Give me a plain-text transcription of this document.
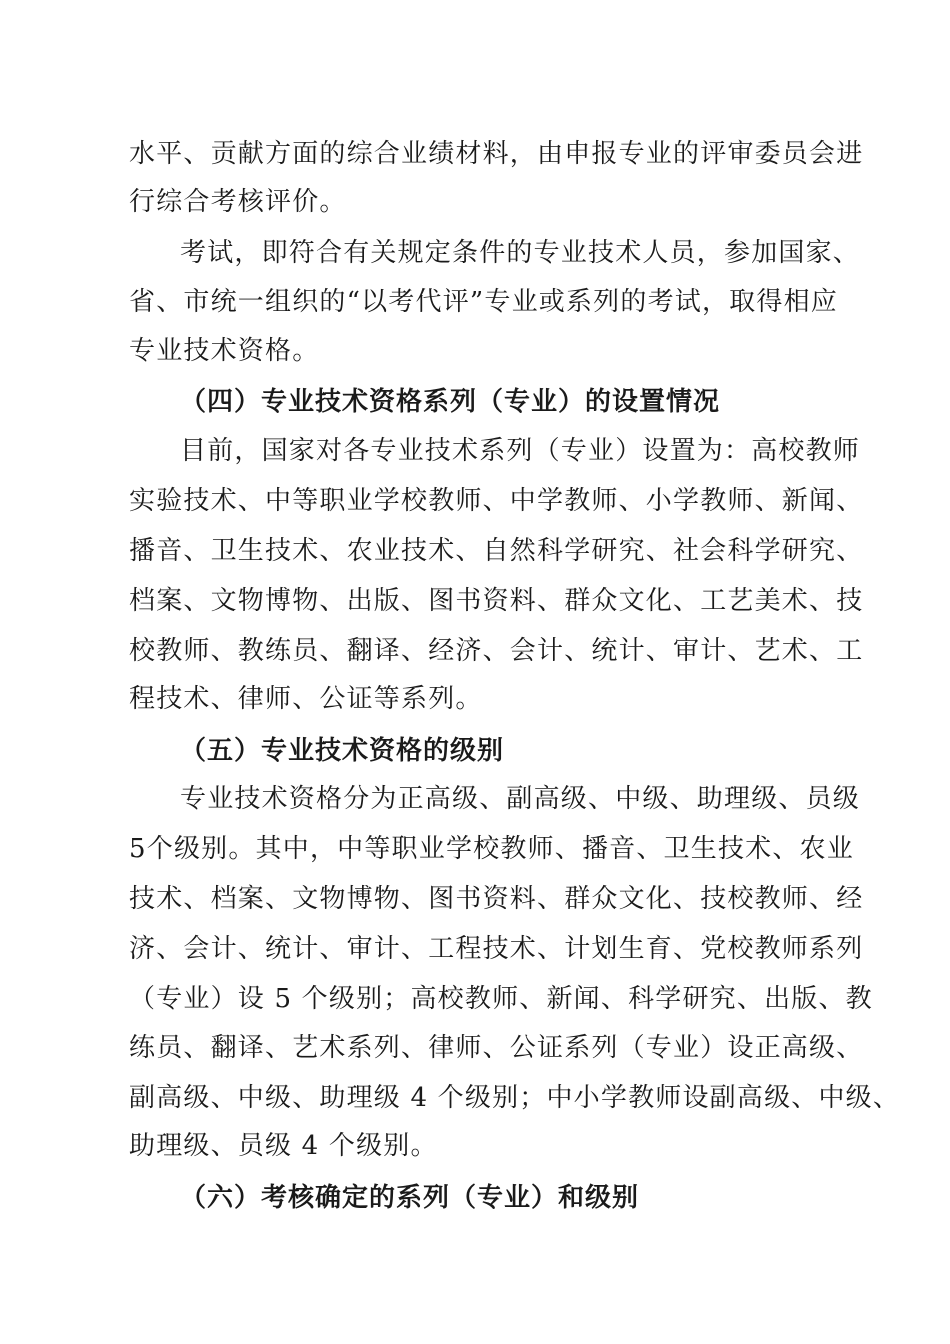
水平、贡献方面的综合业绩材料，由申报专业的评审委员会进
行综合考核评价。
考试，即符合有关规定条件的专业技术人员，参加国家、
省、市统一组织的“以考代评”专业或系列的考试，取得相应
专业技术资格。
（四）专业技术资格系列（专业）的设置情况
目前，国家对各专业技术系列（专业）设置为：高校教师
实验技术、中等职业学校教师、中学教师、小学教师、新闻、
播音、卫生技术、农业技术、自然科学研究、社会科学研究、
档案、文物博物、出版、图书资料、群众文化、工艺美术、技
校教师、教练员、翻译、经济、会计、统计、审计、艺术、工
程技术、律师、公证等系列。
（五）专业技术资格的级别
专业技术资格分为正高级、副高级、中级、助理级、员级
5个级别。其中，中等职业学校教师、播音、卫生技术、农业
技术、档案、文物博物、图书资料、群众文化、技校教师、经
济、会计、统计、审计、工程技术、计划生育、党校教师系列
（专业）设 5 个级别；高校教师、新闻、科学研究、出版、教
练员、翻译、艺术系列、律师、公证系列（专业）设正高级、
副高级、中级、助理级 4 个级别；中小学教师设副高级、中级、
助理级、员级 4 个级别。
（六）考核确定的系列（专业）和级别
